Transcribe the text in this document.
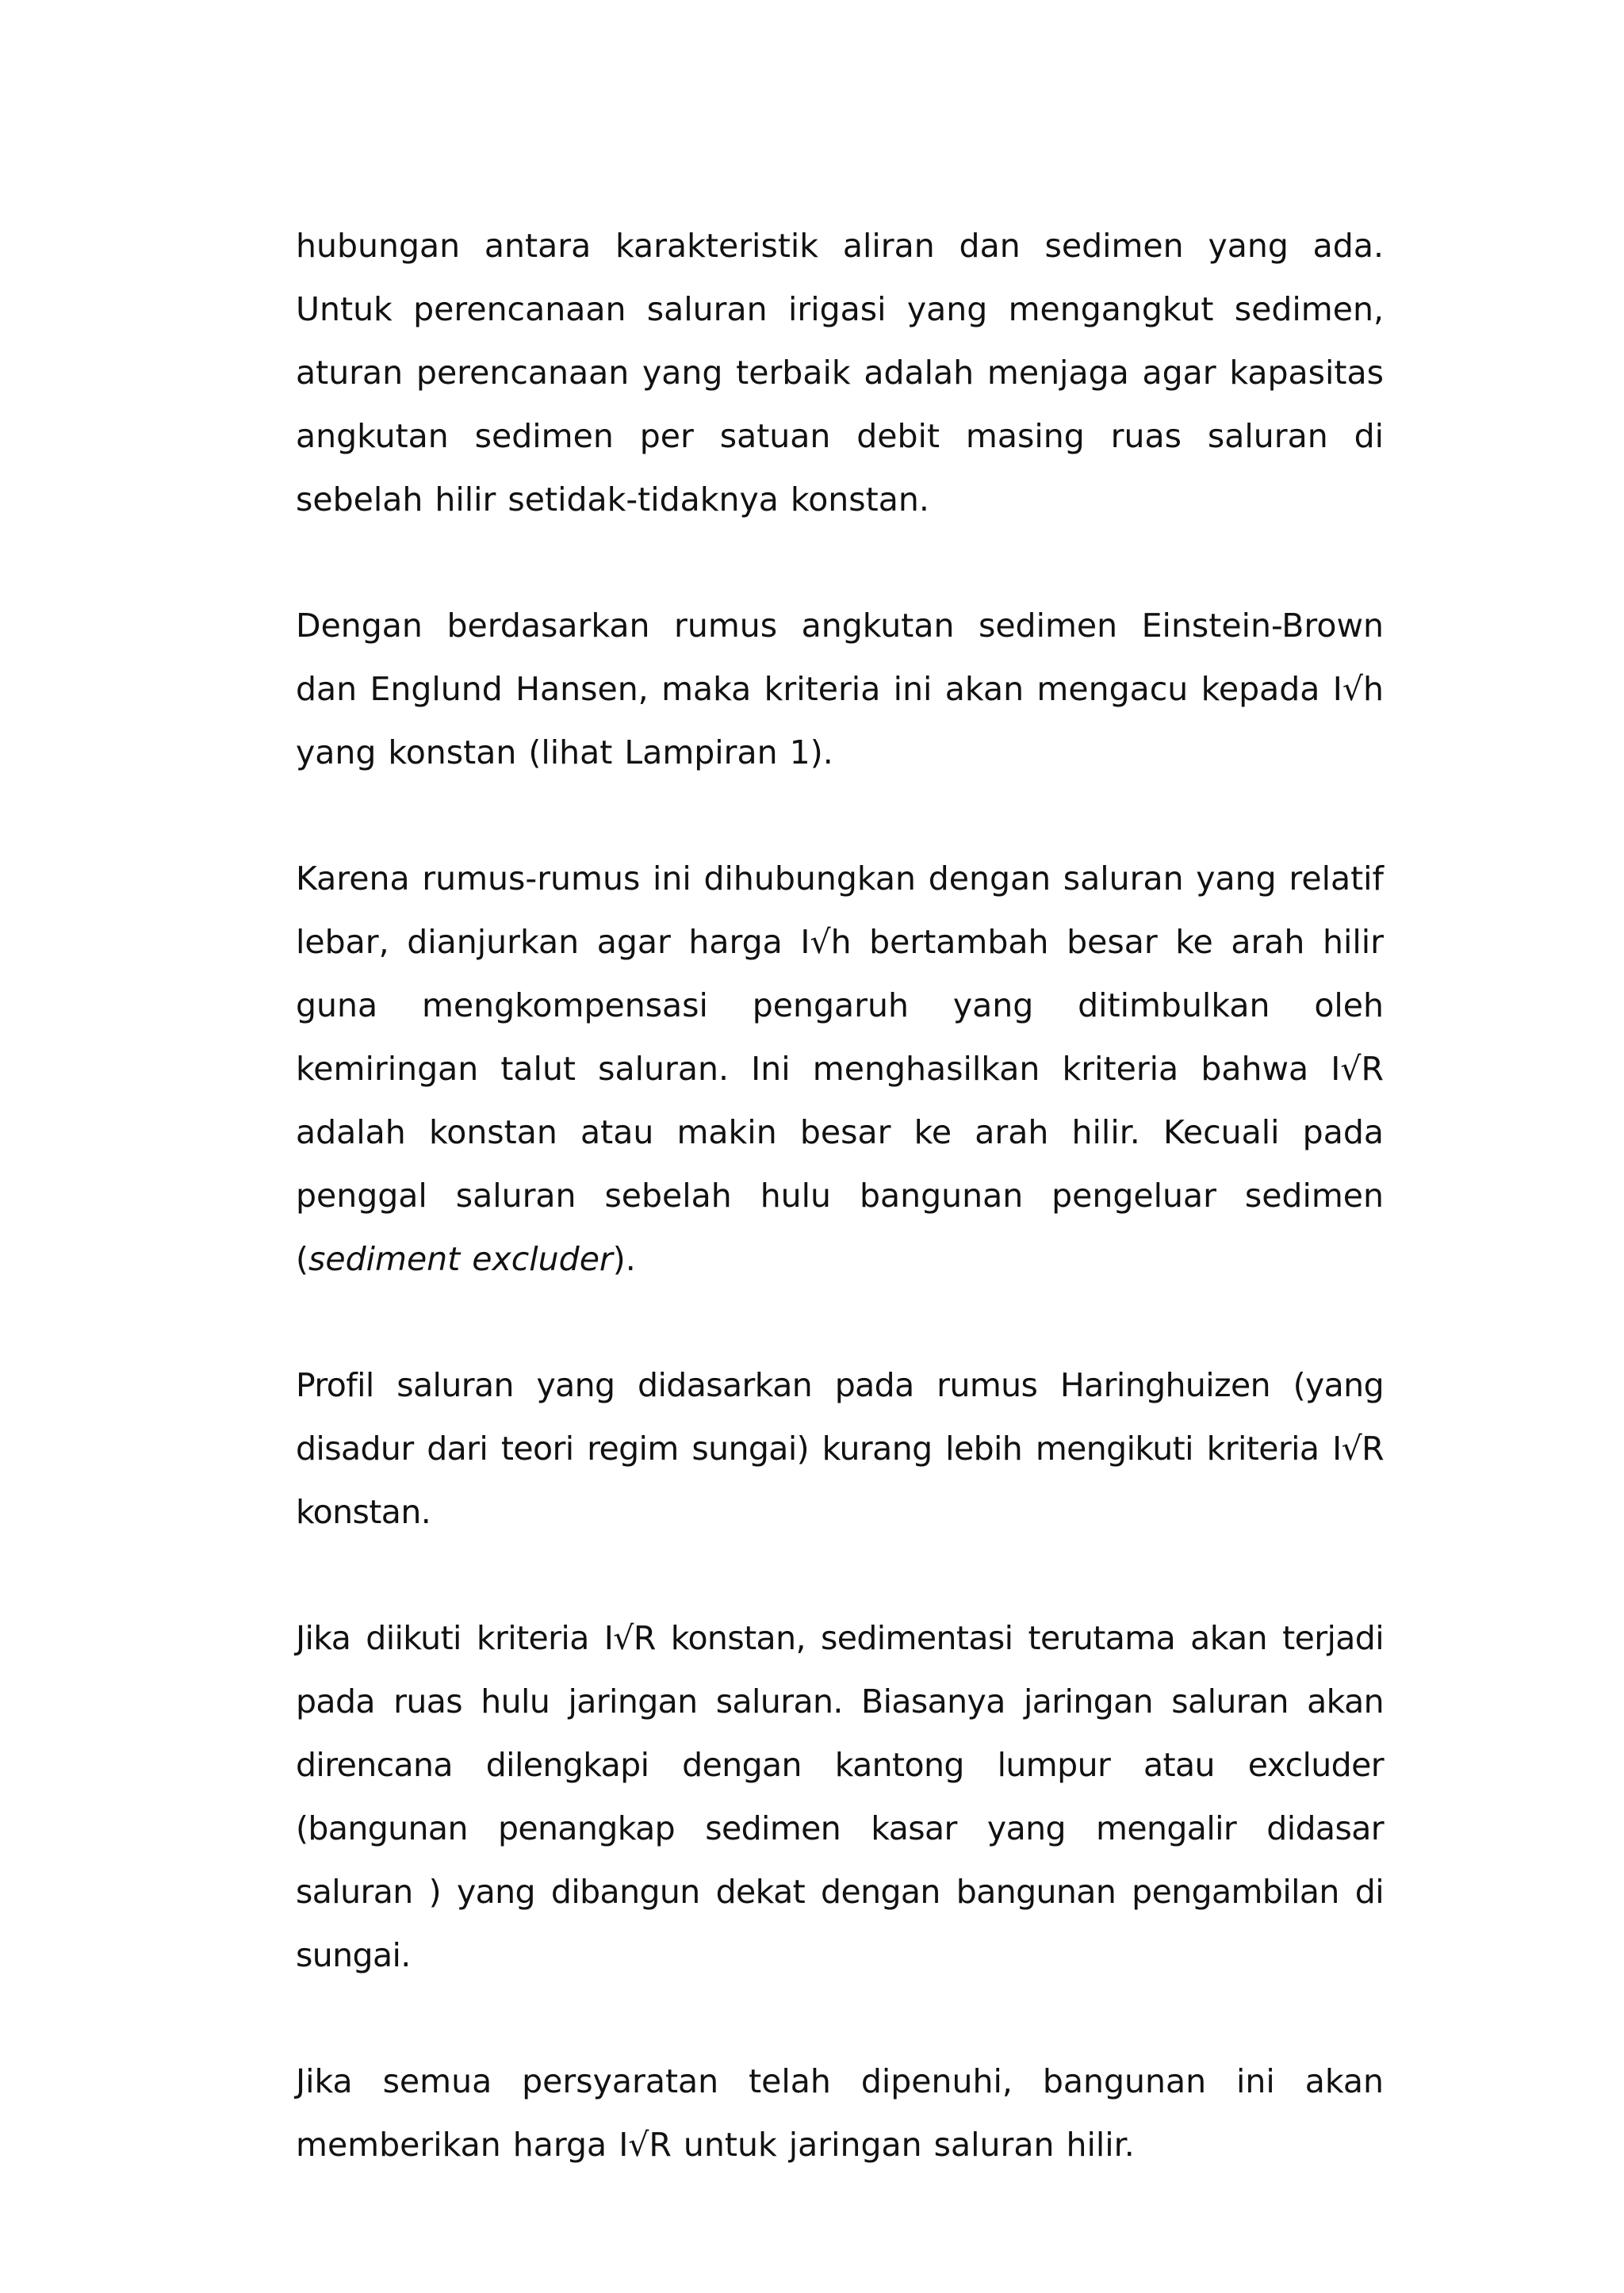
hubungan antara karakteristik aliran dan sedimen yang ada. Untuk perencanaan saluran irigasi yang mengangkut sedimen, aturan perencanaan yang terbaik adalah menjaga agar kapasitas angkutan sedimen per satuan debit masing ruas saluran di sebelah hilir setidak-tidaknya konstan.

Dengan berdasarkan rumus angkutan sedimen Einstein-Brown dan Englund Hansen, maka kriteria ini akan mengacu kepada I√h yang konstan (lihat Lampiran 1).

Karena rumus-rumus ini dihubungkan dengan saluran yang relatif lebar, dianjurkan agar harga I√h bertambah besar ke arah hilir guna mengkompensasi pengaruh yang ditimbulkan oleh kemiringan talut saluran. Ini menghasilkan kriteria bahwa I√R adalah konstan atau makin besar ke arah hilir. Kecuali pada penggal saluran sebelah hulu bangunan pengeluar sedimen (sediment excluder).

Profil saluran yang didasarkan pada rumus Haringhuizen (yang disadur dari teori regim sungai) kurang lebih mengikuti kriteria I√R konstan.

Jika diikuti kriteria I√R konstan, sedimentasi terutama akan terjadi pada ruas hulu jaringan saluran. Biasanya jaringan saluran akan direncana dilengkapi dengan kantong lumpur atau excluder (bangunan penangkap sedimen kasar yang mengalir didasar saluran ) yang dibangun dekat dengan bangunan pengambilan di sungai.

Jika semua persyaratan telah dipenuhi, bangunan ini akan memberikan harga I√R untuk jaringan saluran hilir.
